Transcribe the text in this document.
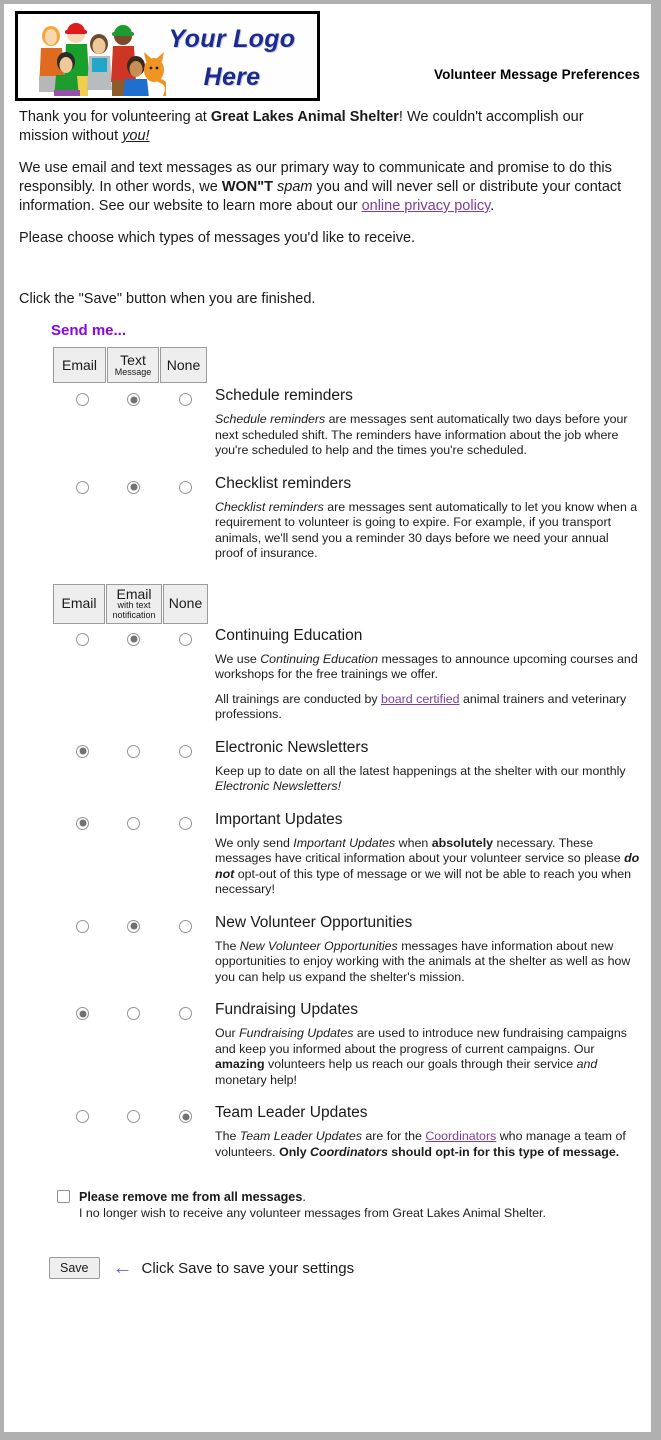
Your Logo
Here	Volunteer Message Preferences

Thank you for volunteering at Great Lakes Animal Shelter! We couldn't accomplish our mission without you!

We use email and text messages as our primary way to communicate and promise to do this responsibly. In other words, we WON"T spam you and will never sell or distribute your contact information. See our website to learn more about our online privacy policy.

Please choose which types of messages you'd like to receive.

Click the "Save" button when you are finished.

Send me...
Email Text
Message None
Schedule reminders

Schedule reminders are messages sent automatically two days before your next scheduled shift. The reminders have information about the job where you're scheduled to help and the times you're scheduled.

Checklist reminders

Checklist reminders are messages sent automatically to let you know when a requirement to volunteer is going to expire. For example, if you transport animals, we'll send you a reminder 30 days before we need your annual proof of insurance.

Email
Email
with text
notification
None
Continuing Education

We use Continuing Education messages to announce upcoming courses and workshops for the free trainings we offer.

All trainings are conducted by board certified animal trainers and veterinary professions.

Electronic Newsletters

Keep up to date on all the latest happenings at the shelter with our monthly Electronic Newsletters!

Important Updates

We only send Important Updates when absolutely necessary. These messages have critical information about your volunteer service so please do not opt-out of this type of message or we will not be able to reach you when necessary!

New Volunteer Opportunities

The New Volunteer Opportunities messages have information about new opportunities to enjoy working with the animals at the shelter as well as how you can help us expand the shelter's mission.

Fundraising Updates

Our Fundraising Updates are used to introduce new fundraising campaigns and keep you informed about the progress of current campaigns. Our amazing volunteers help us reach our goals through their service and monetary help!

Team Leader Updates

The Team Leader Updates are for the Coordinators who manage a team of volunteers. Only Coordinators should opt-in for this type of message.

Please remove me from all messages.
I no longer wish to receive any volunteer messages from Great Lakes Animal Shelter.
Save	← Click Save to save your settings
